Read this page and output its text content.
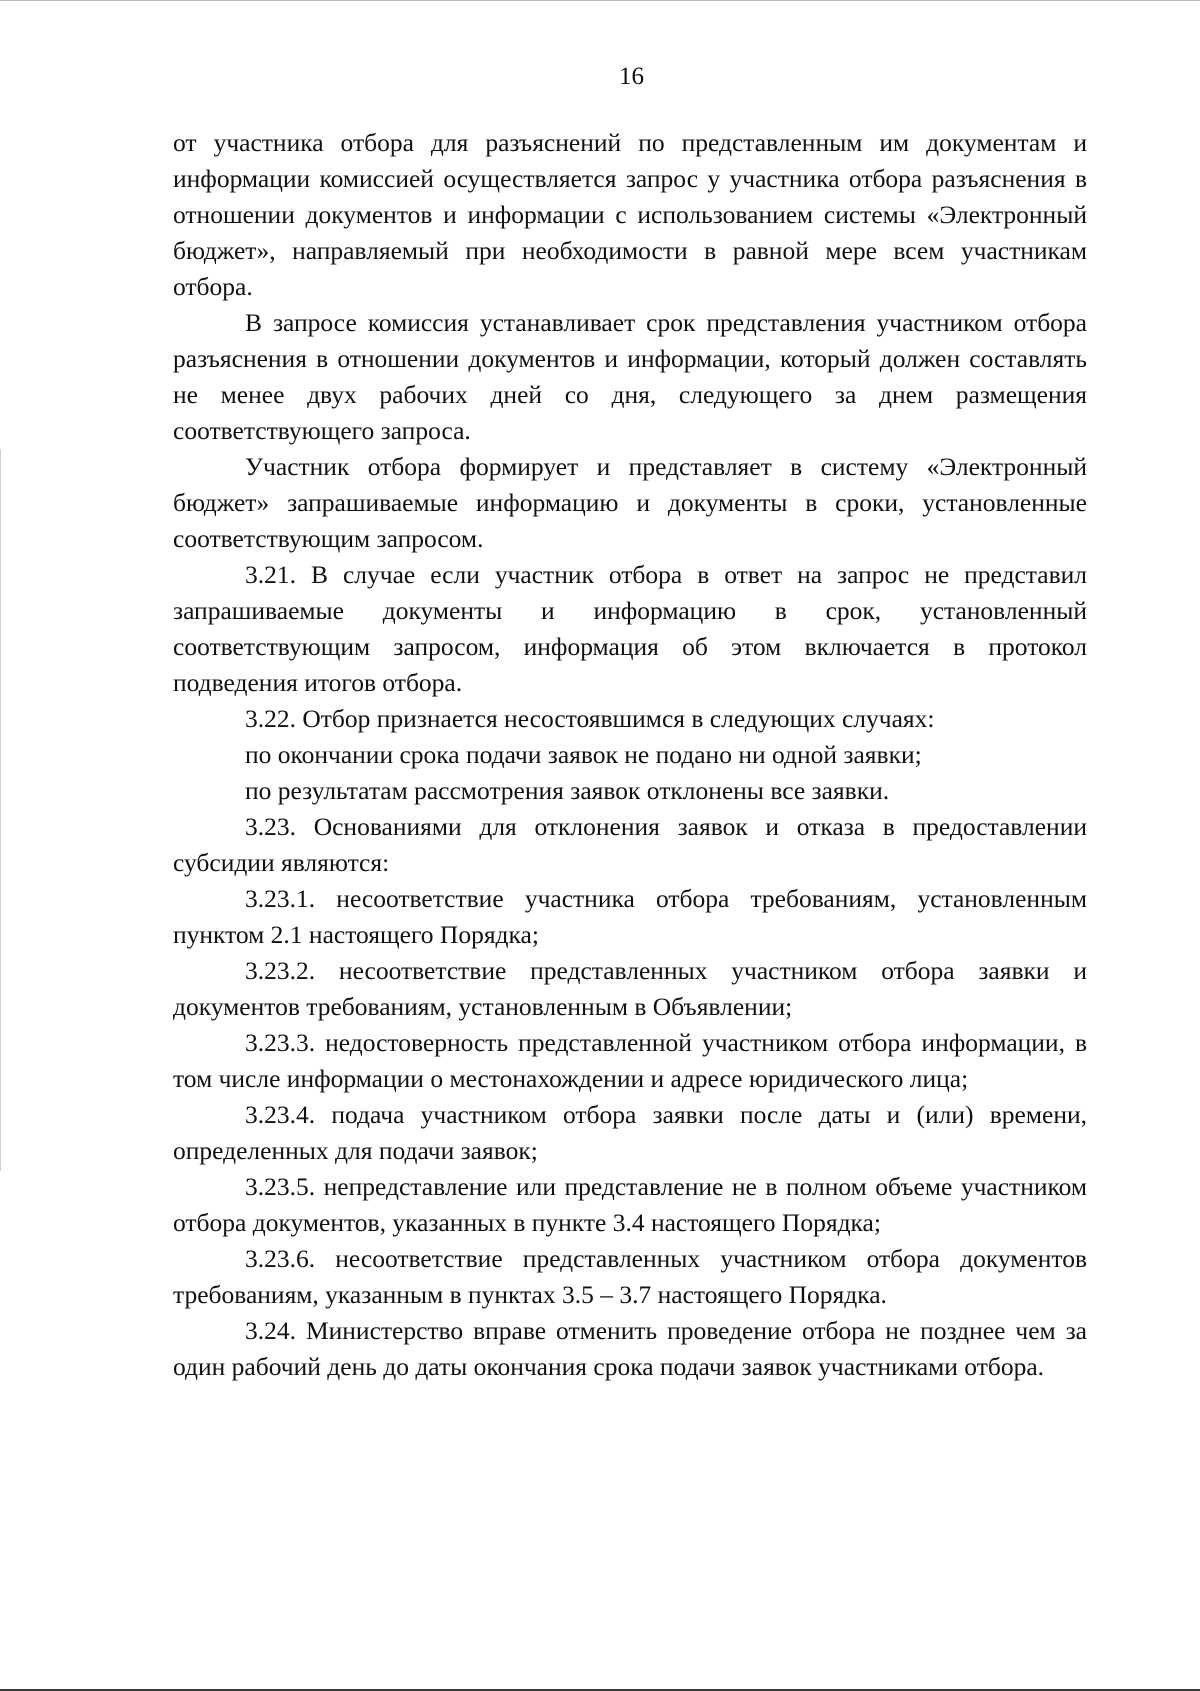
16

от участника отбора для разъяснений по представленным им документам и информации комиссией осуществляется запрос у участника отбора разъяснения в отношении документов и информации с использованием системы «Электронный бюджет», направляемый при необходимости в равной мере всем участникам отбора.

В запросе комиссия устанавливает срок представления участником отбора разъяснения в отношении документов и информации, который должен составлять не менее двух рабочих дней со дня, следующего за днем размещения соответствующего запроса.

Участник отбора формирует и представляет в систему «Электронный бюджет» запрашиваемые информацию и документы в сроки, установленные соответствующим запросом.

3.21. В случае если участник отбора в ответ на запрос не представил запрашиваемые документы и информацию в срок, установленный соответствующим запросом, информация об этом включается в протокол подведения итогов отбора.

3.22. Отбор признается несостоявшимся в следующих случаях:

по окончании срока подачи заявок не подано ни одной заявки;

по результатам рассмотрения заявок отклонены все заявки.

3.23. Основаниями для отклонения заявок и отказа в предоставлении субсидии являются:

3.23.1. несоответствие участника отбора требованиям, установленным пунктом 2.1 настоящего Порядка;

3.23.2. несоответствие представленных участником отбора заявки и документов требованиям, установленным в Объявлении;

3.23.3. недостоверность представленной участником отбора информации, в том числе информации о местонахождении и адресе юридического лица;

3.23.4. подача участником отбора заявки после даты и (или) времени, определенных для подачи заявок;

3.23.5. непредставление или представление не в полном объеме участником отбора документов, указанных в пункте 3.4 настоящего Порядка;

3.23.6. несоответствие представленных участником отбора документов требованиям, указанным в пунктах 3.5 – 3.7 настоящего Порядка.

3.24. Министерство вправе отменить проведение отбора не позднее чем за один рабочий день до даты окончания срока подачи заявок участниками отбора.
